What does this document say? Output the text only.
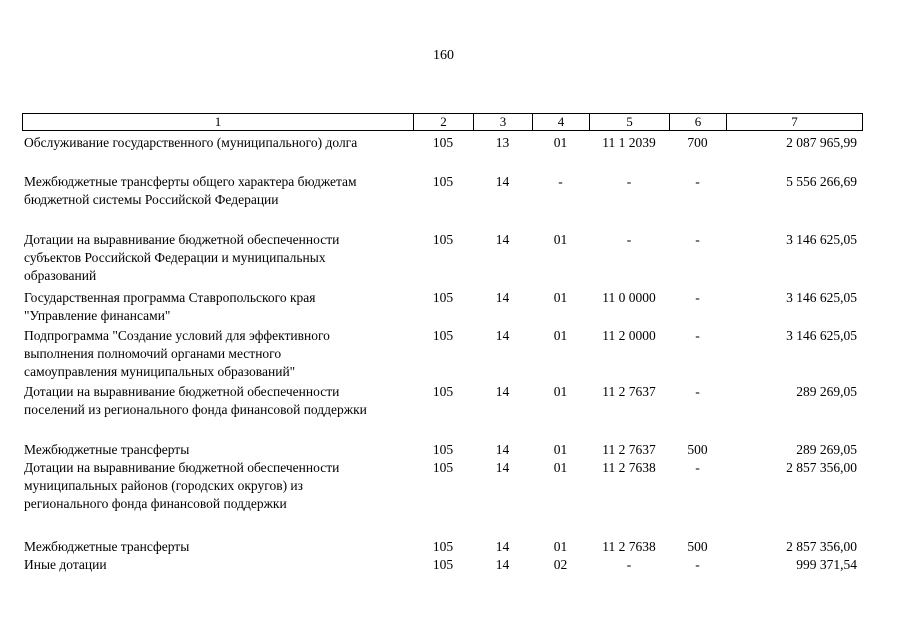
160
1	2	3	4	5	6	7
Обслуживание государственного (муниципального) долга	105	13	01	11 1 2039	700	2 087 965,99
Межбюджетные трансферты общего характера бюджетам
бюджетной системы Российской Федерации
105	14	-	-	-	5 556 266,69
Дотации на выравнивание бюджетной обеспеченности
субъектов Российской Федерации и муниципальных
образований
105	14	01	-	-	3 146 625,05
Государственная программа Ставропольского края
"Управление финансами"
105	14	01	11 0 0000	-	3 146 625,05
Подпрограмма "Создание условий для эффективного
выполнения полномочий органами местного
самоуправления муниципальных образований"
105	14	01	11 2 0000	-	3 146 625,05
Дотации на выравнивание бюджетной обеспеченности
поселений из регионального фонда финансовой поддержки
105	14	01	11 2 7637	-	289 269,05
Межбюджетные трансферты	105	14	01	11 2 7637	500	289 269,05
Дотации на выравнивание бюджетной обеспеченности
муниципальных районов (городских округов) из
регионального фонда финансовой поддержки
105	14	01	11 2 7638	-	2 857 356,00
Межбюджетные трансферты	105	14	01	11 2 7638	500	2 857 356,00
Иные дотации	105	14	02	-	-	999 371,54
